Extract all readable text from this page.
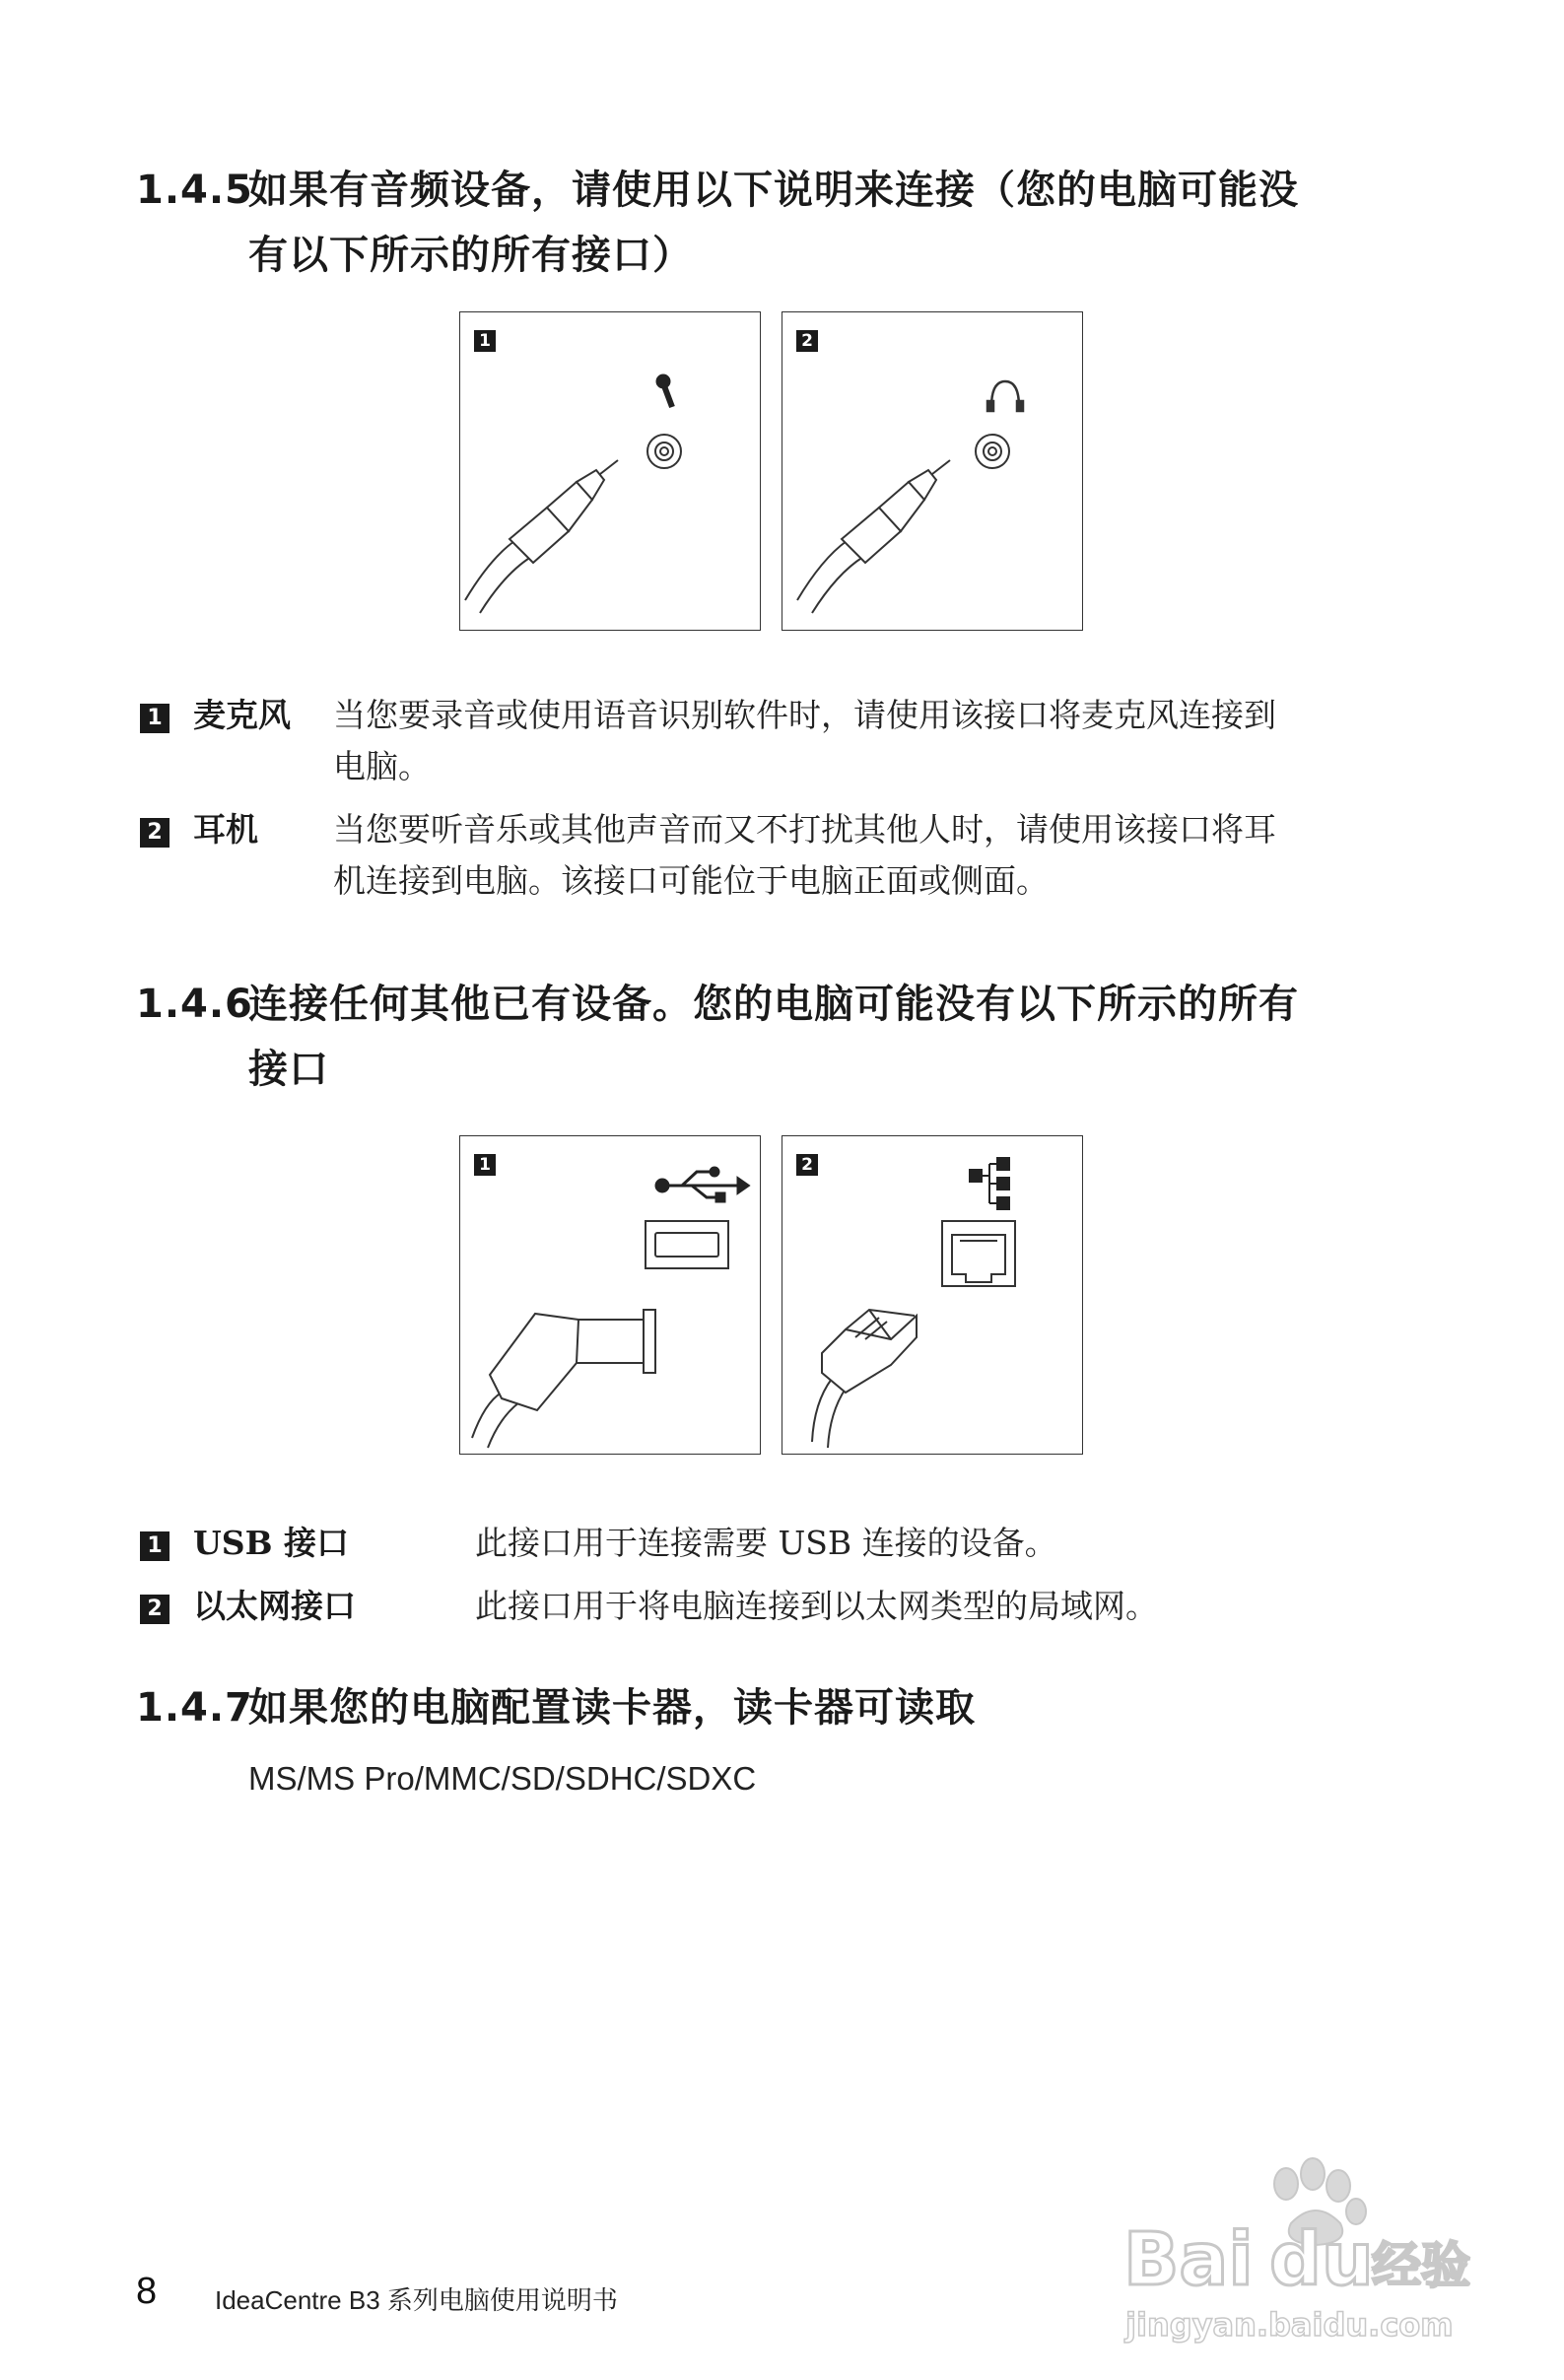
1.4.5如果有音频设备，请使用以下说明来连接（您的电脑可能没
有以下所示的所有接口）
1	2
1 麦克风 当您要录音或使用语音识别软件时，请使用该接口将麦克风连接到
电脑。
2 耳机 当您要听音乐或其他声音而又不打扰其他人时，请使用该接口将耳
机连接到电脑。该接口可能位于电脑正面或侧面。
1.4.6连接任何其他已有设备。您的电脑可能没有以下所示的所有
接口
1	2
1 USB 接口	此接口用于连接需要 USB 连接的设备。
2 以太网接口	此接口用于将电脑连接到以太网类型的局域网。
1.4.7如果您的电脑配置读卡器，读卡器可读取
MS/MS Pro/MMC/SD/SDHC/SDXC
8 IdeaCentre B3 系列电脑使用说明书	Bai du
经验
jingyan.baidu.com
